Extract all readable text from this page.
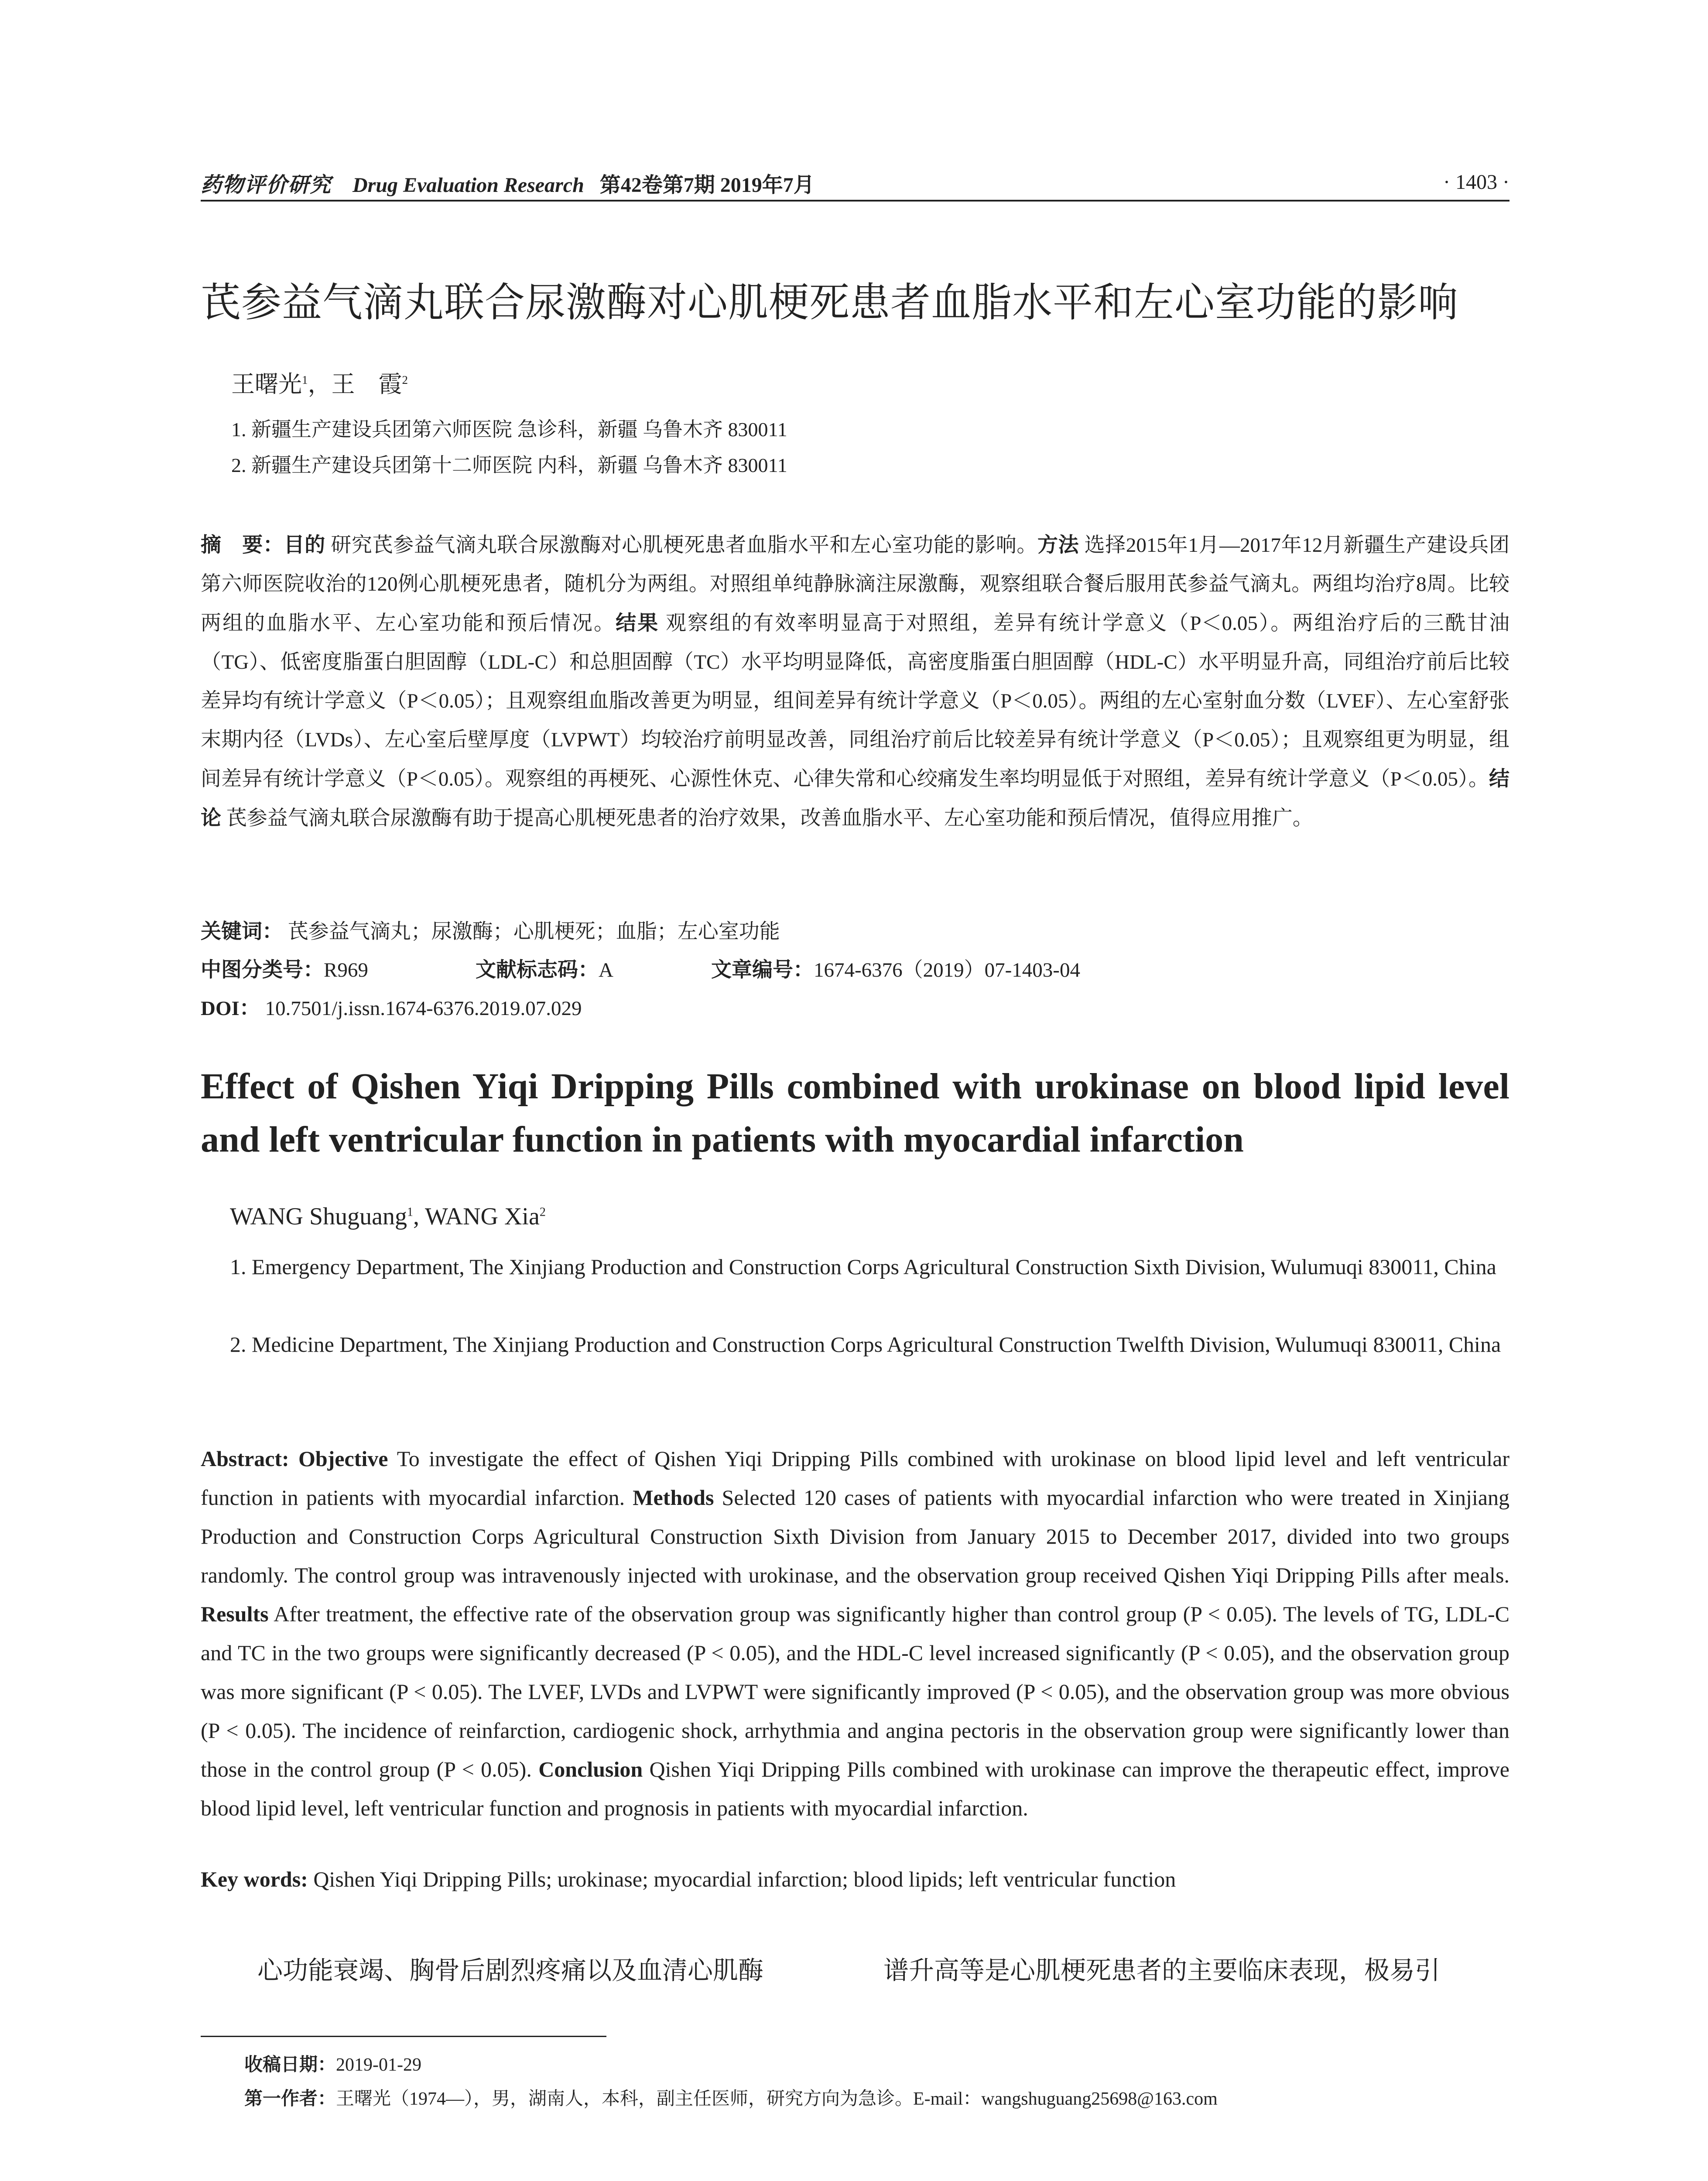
药物评价研究 Drug Evaluation Research 第42卷第7期 2019年7月	· 1403 ·
芪参益气滴丸联合尿激酶对心肌梗死患者血脂水平和左心室功能的影响
王曙光$^1$，王　霞$^2$
1. 新疆生产建设兵团第六师医院 急诊科，新疆 乌鲁木齐 830011
2. 新疆生产建设兵团第十二师医院 内科，新疆 乌鲁木齐 830011
摘　要：目的 研究芪参益气滴丸联合尿激酶对心肌梗死患者血脂水平和左心室功能的影响。方法 选择2015年1月—2017年12月新疆生产建设兵团第六师医院收治的120例心肌梗死患者，随机分为两组。对照组单纯静脉滴注尿激酶，观察组联合餐后服用芪参益气滴丸。两组均治疗8周。比较两组的血脂水平、左心室功能和预后情况。结果 观察组的有效率明显高于对照组，差异有统计学意义（P＜0.05）。两组治疗后的三酰甘油（TG）、低密度脂蛋白胆固醇（LDL-C）和总胆固醇（TC）水平均明显降低，高密度脂蛋白胆固醇（HDL-C）水平明显升高，同组治疗前后比较差异均有统计学意义（P＜0.05）；且观察组血脂改善更为明显，组间差异有统计学意义（P＜0.05）。两组的左心室射血分数（LVEF）、左心室舒张末期内径（LVDs）、左心室后壁厚度（LVPWT）均较治疗前明显改善，同组治疗前后比较差异有统计学意义（P＜0.05）；且观察组更为明显，组间差异有统计学意义（P＜0.05）。观察组的再梗死、心源性休克、心律失常和心绞痛发生率均明显低于对照组，差异有统计学意义（P＜0.05）。结论 芪参益气滴丸联合尿激酶有助于提高心肌梗死患者的治疗效果，改善血脂水平、左心室功能和预后情况，值得应用推广。
关键词： 芪参益气滴丸；尿激酶；心肌梗死；血脂；左心室功能
中图分类号：R969	文献标志码：A	文章编号：1674-6376（2019）07-1403-04
DOI： 10.7501/j.issn.1674-6376.2019.07.029
Effect of Qishen Yiqi Dripping Pills combined with urokinase on blood lipid level and left ventricular function in patients with myocardial infarction
WANG Shuguang$^1$, WANG Xia$^2$
1. Emergency Department, The Xinjiang Production and Construction Corps Agricultural Construction Sixth Division, Wulumuqi 830011, China
2. Medicine Department, The Xinjiang Production and Construction Corps Agricultural Construction Twelfth Division, Wulumuqi 830011, China
Abstract: Objective To investigate the effect of Qishen Yiqi Dripping Pills combined with urokinase on blood lipid level and left ventricular function in patients with myocardial infarction. Methods Selected 120 cases of patients with myocardial infarction who were treated in Xinjiang Production and Construction Corps Agricultural Construction Sixth Division from January 2015 to December 2017, divided into two groups randomly. The control group was intravenously injected with urokinase, and the observation group received Qishen Yiqi Dripping Pills after meals. Results After treatment, the effective rate of the observation group was significantly higher than control group (P < 0.05). The levels of TG, LDL-C and TC in the two groups were significantly decreased (P < 0.05), and the HDL-C level increased significantly (P < 0.05), and the observation group was more significant (P < 0.05). The LVEF, LVDs and LVPWT were significantly improved (P < 0.05), and the observation group was more obvious (P < 0.05). The incidence of reinfarction, cardiogenic shock, arrhythmia and angina pectoris in the observation group were significantly lower than those in the control group (P < 0.05). Conclusion Qishen Yiqi Dripping Pills combined with urokinase can improve the therapeutic effect, improve blood lipid level, left ventricular function and prognosis in patients with myocardial infarction.
Key words: Qishen Yiqi Dripping Pills; urokinase; myocardial infarction; blood lipids; left ventricular function
心功能衰竭、胸骨后剧烈疼痛以及血清心肌酶	谱升高等是心肌梗死患者的主要临床表现，极易引
收稿日期：2019-01-29
第一作者：王曙光（1974—），男，湖南人，本科，副主任医师，研究方向为急诊。E-mail：wangshuguang25698@163.com
